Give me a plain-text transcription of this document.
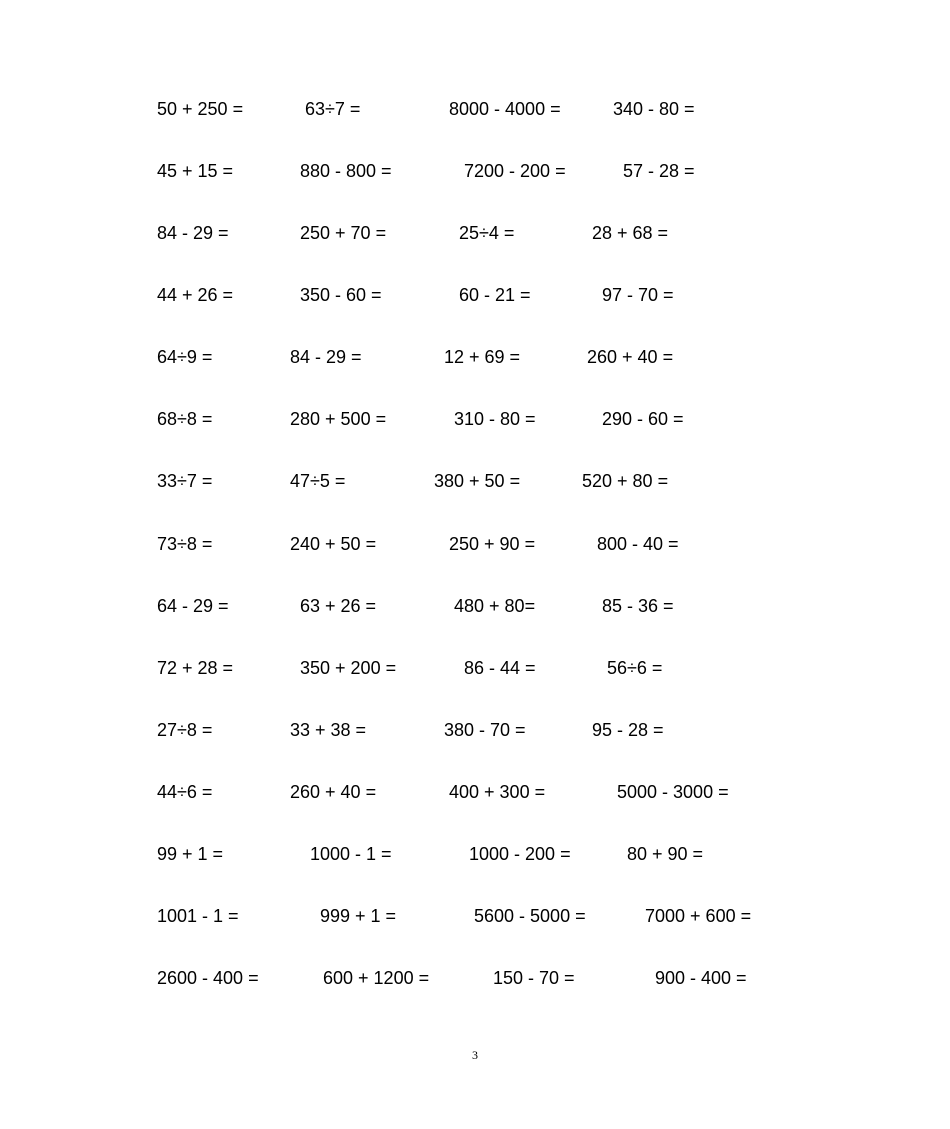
50 + 250 =	63÷7 =	8000 - 4000 =	340 - 80 =
45 + 15 =	880 - 800 =	7200 - 200 =	57 - 28 =
84 - 29 =	250 + 70 =	25÷4 =	28 + 68 =
44 + 26 =	350 - 60 =	60 - 21 =	97 - 70 =
64÷9 =	84 - 29 =	12 + 69 =	260 + 40 =
68÷8 =	280 + 500 =	310 - 80 =	290 - 60 =
33÷7 =	47÷5 =	380 + 50 =	520 + 80 =
73÷8 =	240 + 50 =	250 + 90 =	800 - 40 =
64 - 29 =	63 + 26 =	480 + 80=	85 - 36 =
72 + 28 =	350 + 200 =	86 - 44 =	56÷6 =
27÷8 =	33 + 38 =	380 - 70 =	95 - 28 =
44÷6 =	260 + 40 =	400 + 300 =	5000 - 3000 =
99 + 1 =	1000 - 1 =	1000 - 200 =	80 + 90 =
1001 - 1 =	999 + 1 =	5600 - 5000 =	7000 + 600 =
2600 - 400 =	600 + 1200 =	150 - 70 =	900 - 400 =
3
